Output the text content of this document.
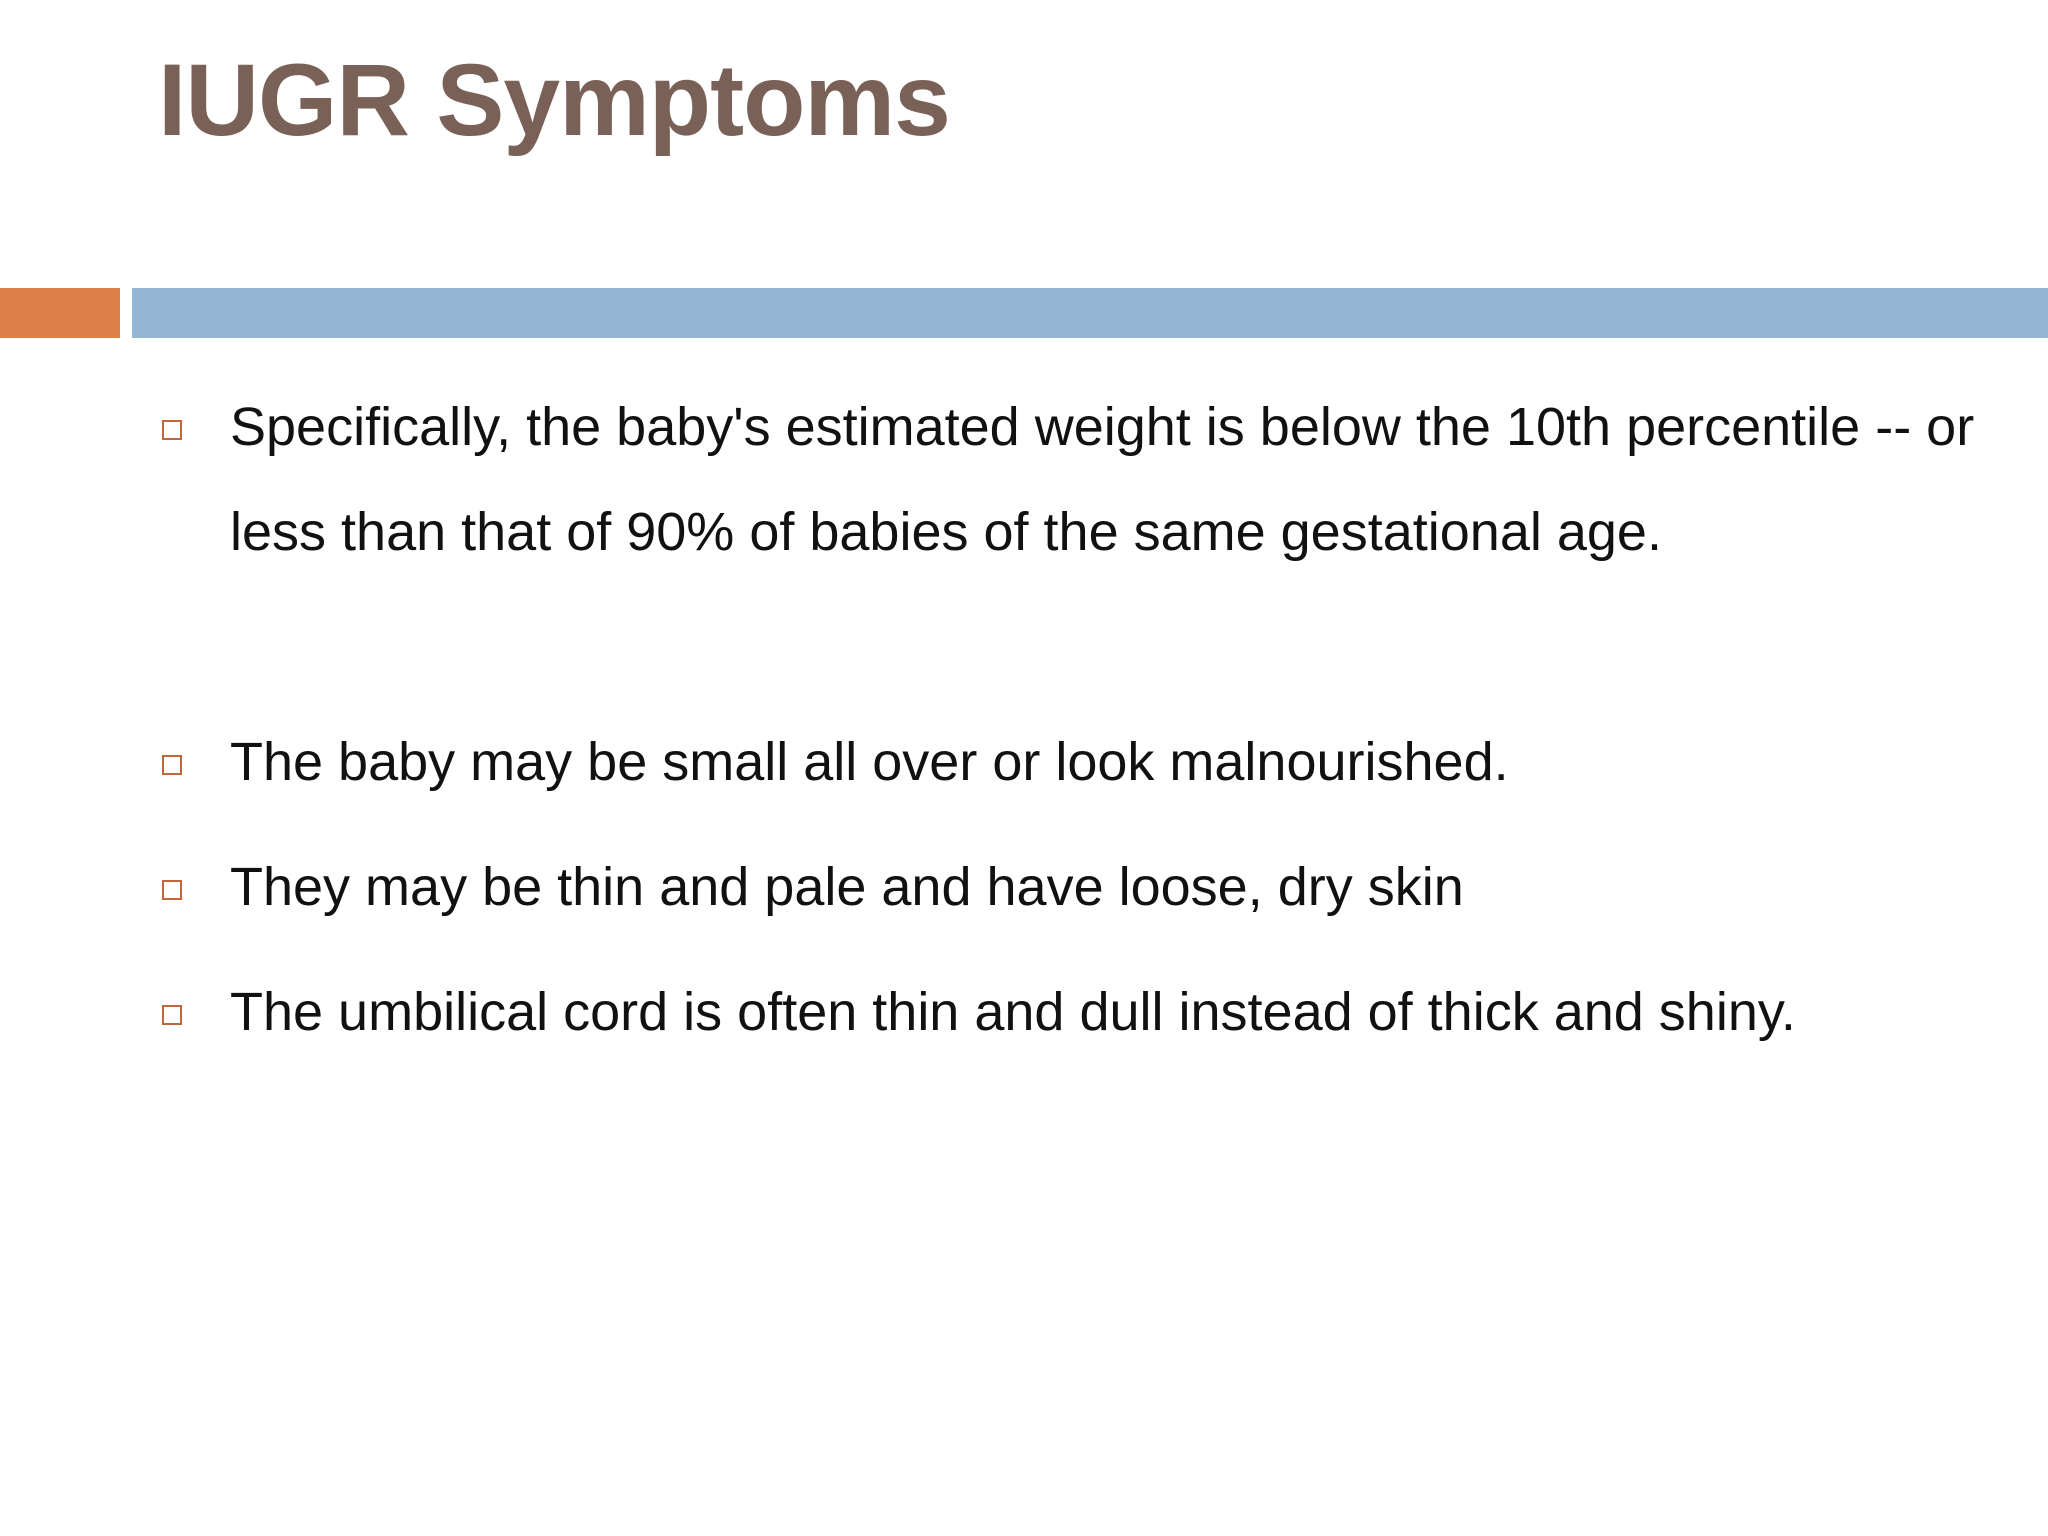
IUGR Symptoms
Specifically, the baby's estimated weight is below the 10th percentile -- or less than that of 90% of babies of the same gestational age.
The baby may be small all over or look malnourished.
They may be thin and pale and have loose, dry skin
The umbilical cord is often thin and dull instead of thick and shiny.
